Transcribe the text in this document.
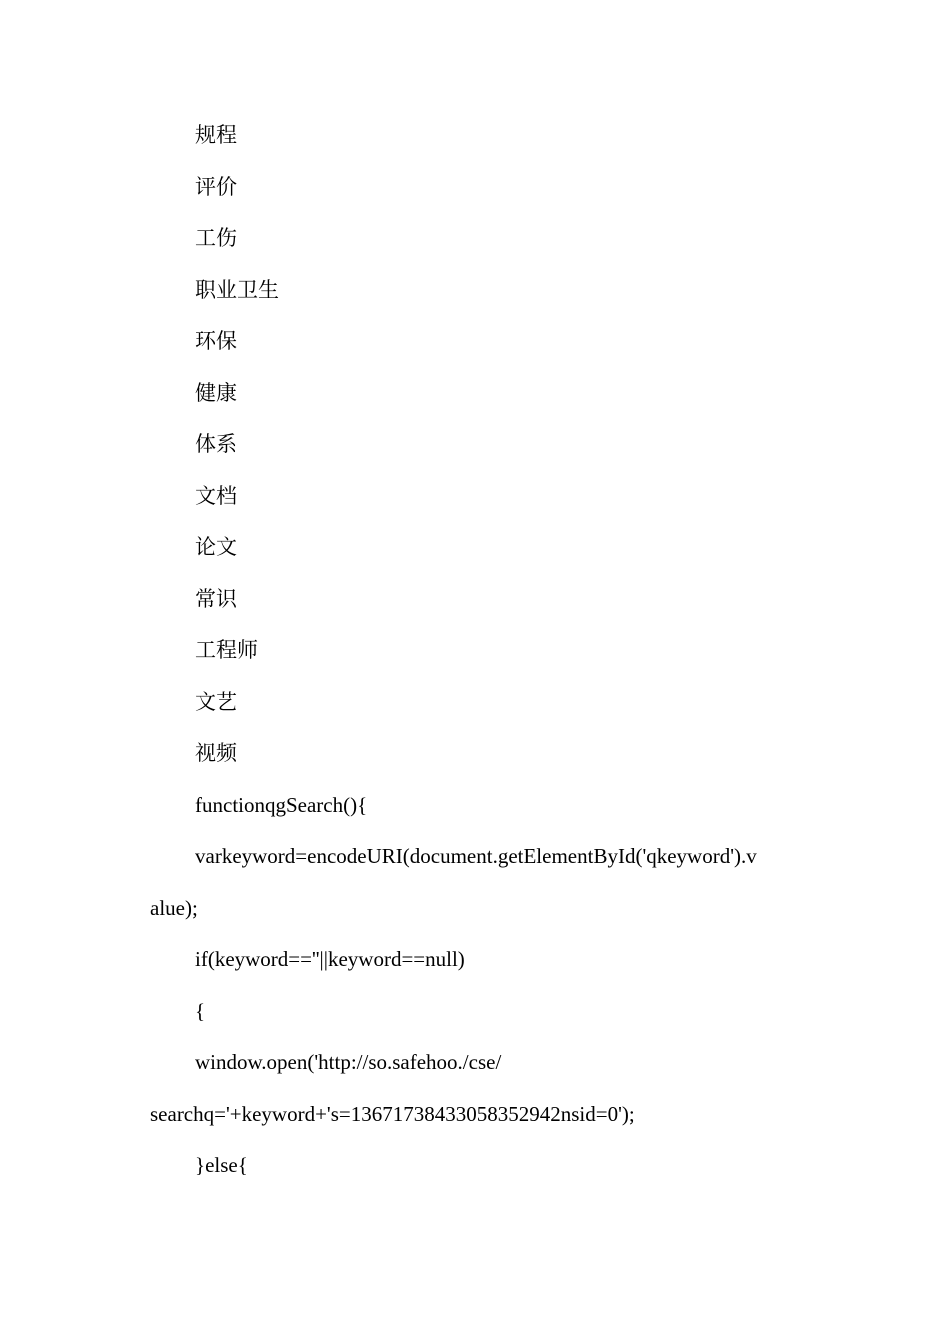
规程
评价
工伤
职业卫生
环保
健康
体系
文档
论文
常识
工程师
文艺
视频
functionqgSearch(){
varkeyword=encodeURI(document.getElementById('qkeyword').v
alue);
if(keyword==''||keyword==null)
{
window.open('http://so.safehoo./cse/
searchq='+keyword+'s=13671738433058352942nsid=0');
}else{
